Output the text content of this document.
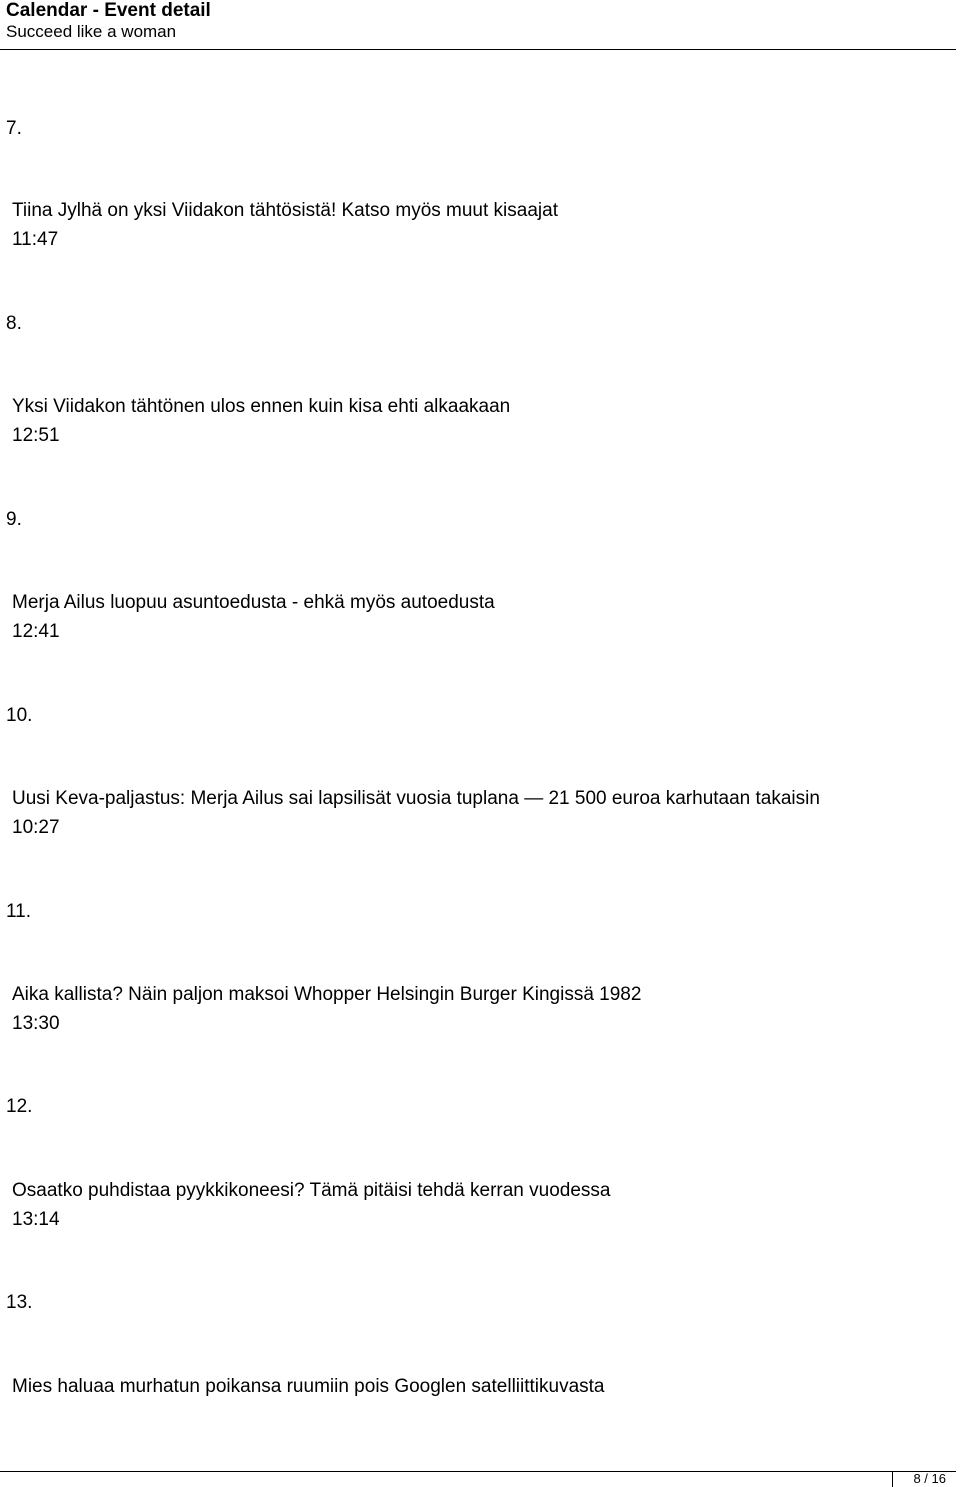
Calendar - Event detail
Succeed like a woman
7.
Tiina Jylhä on yksi Viidakon tähtösistä! Katso myös muut kisaajat
11:47
8.
Yksi Viidakon tähtönen ulos ennen kuin kisa ehti alkaakaan
12:51
9.
Merja Ailus luopuu asuntoedusta - ehkä myös autoedusta
12:41
10.
Uusi Keva-paljastus: Merja Ailus sai lapsilisät vuosia tuplana ― 21 500 euroa karhutaan takaisin
10:27
11.
Aika kallista? Näin paljon maksoi Whopper Helsingin Burger Kingissä 1982
13:30
12.
Osaatko puhdistaa pyykkikoneesi? Tämä pitäisi tehdä kerran vuodessa
13:14
13.
Mies haluaa murhatun poikansa ruumiin pois Googlen satelliittikuvasta
8 / 16
